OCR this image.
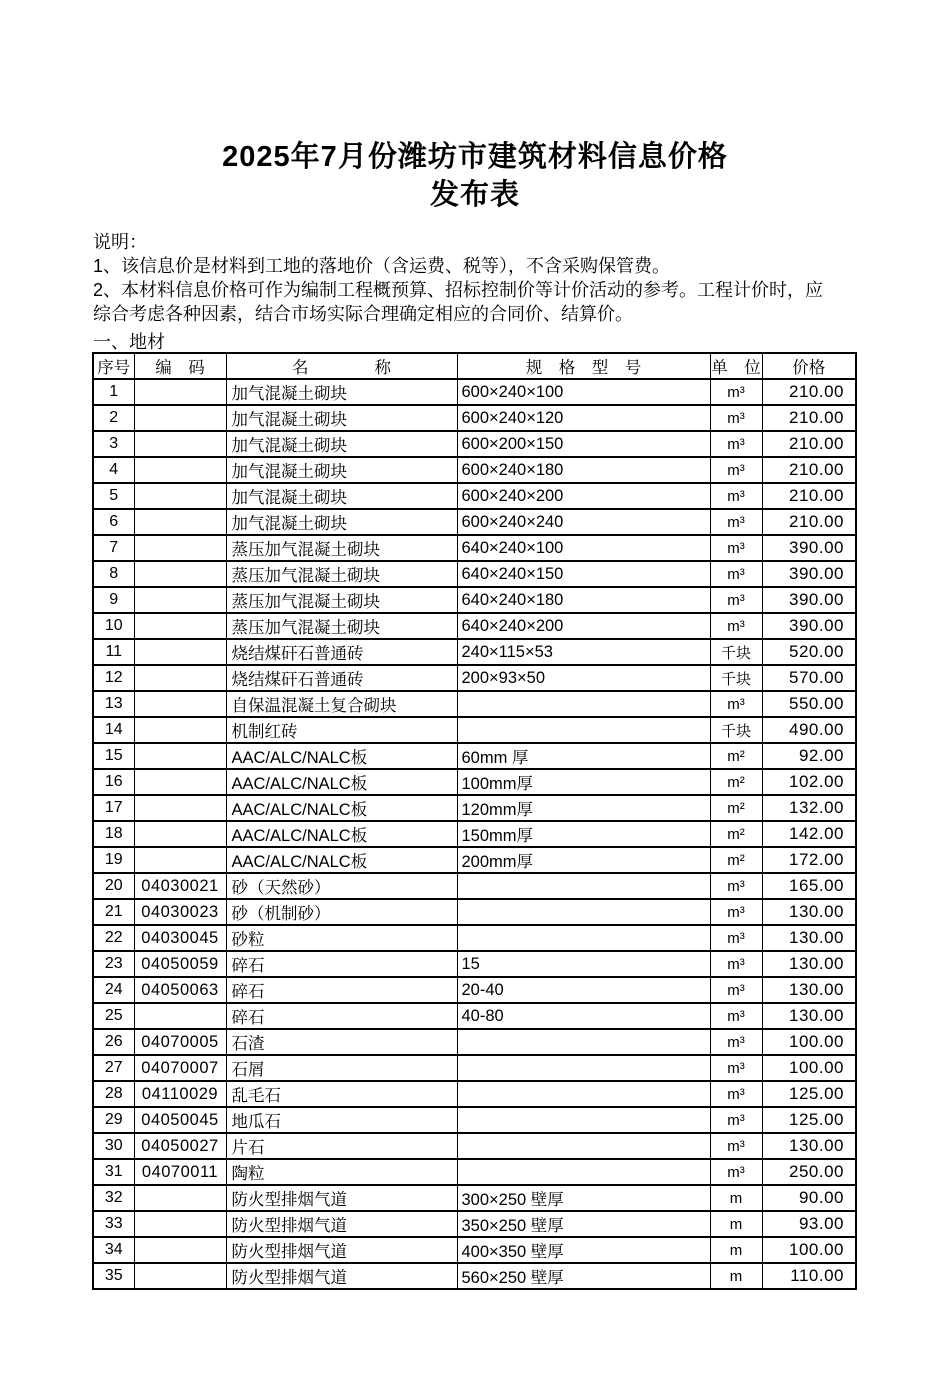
2025年7月份潍坊市建筑材料信息价格
发布表
说明：
1、该信息价是材料到工地的落地价（含运费、税等），不含采购保管费。
2、本材料信息价格可作为编制工程概预算、招标控制价等计价活动的参考。工程计价时，应
综合考虑各种因素，结合市场实际合理确定相应的合同价、结算价。
一、地材
序号	编　码	名　　　　称	规　格　型　号	单　位	价格
1		加气混凝土砌块	600×240×100	m³	210.00
2		加气混凝土砌块	600×240×120	m³	210.00
3		加气混凝土砌块	600×200×150	m³	210.00
4		加气混凝土砌块	600×240×180	m³	210.00
5		加气混凝土砌块	600×240×200	m³	210.00
6		加气混凝土砌块	600×240×240	m³	210.00
7		蒸压加气混凝土砌块	640×240×100	m³	390.00
8		蒸压加气混凝土砌块	640×240×150	m³	390.00
9		蒸压加气混凝土砌块	640×240×180	m³	390.00
10		蒸压加气混凝土砌块	640×240×200	m³	390.00
11		烧结煤矸石普通砖	240×115×53	千块	520.00
12		烧结煤矸石普通砖	200×93×50	千块	570.00
13		自保温混凝土复合砌块		m³	550.00
14		机制红砖		千块	490.00
15		AAC/ALC/NALC板	60mm 厚	m²	92.00
16		AAC/ALC/NALC板	100mm厚	m²	102.00
17		AAC/ALC/NALC板	120mm厚	m²	132.00
18		AAC/ALC/NALC板	150mm厚	m²	142.00
19		AAC/ALC/NALC板	200mm厚	m²	172.00
20	04030021	砂（天然砂）		m³	165.00
21	04030023	砂（机制砂）		m³	130.00
22	04030045	砂粒		m³	130.00
23	04050059	碎石	15	m³	130.00
24	04050063	碎石	20-40	m³	130.00
25		碎石	40-80	m³	130.00
26	04070005	石渣		m³	100.00
27	04070007	石屑		m³	100.00
28	04110029	乱毛石		m³	125.00
29	04050045	地瓜石		m³	125.00
30	04050027	片石		m³	130.00
31	04070011	陶粒		m³	250.00
32		防火型排烟气道	300×250 壁厚	m	90.00
33		防火型排烟气道	350×250 壁厚	m	93.00
34		防火型排烟气道	400×350 壁厚	m	100.00
35		防火型排烟气道	560×250 壁厚	m	110.00
